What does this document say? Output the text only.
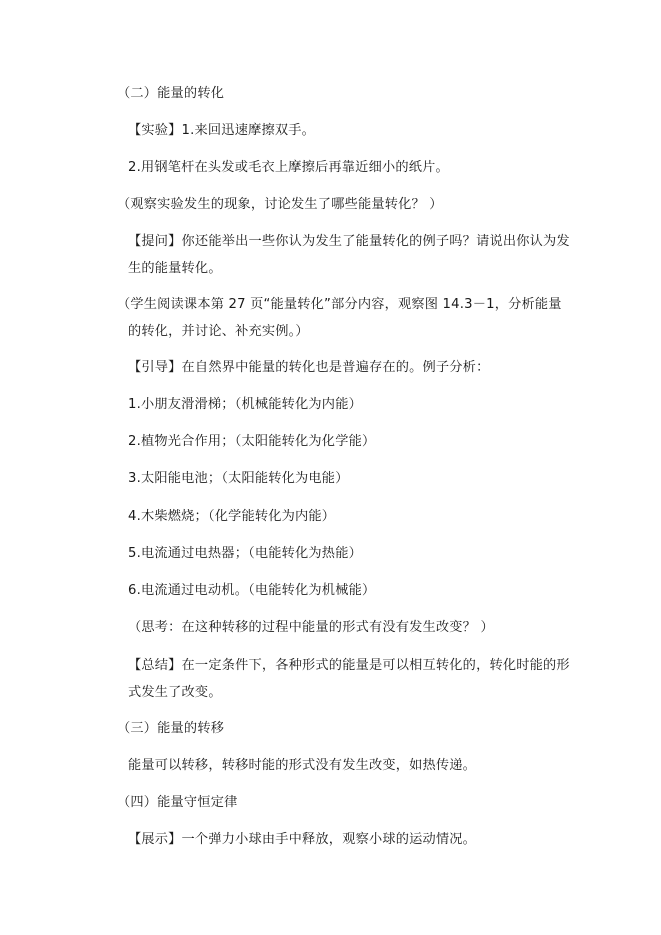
（二）能量的转化
【实验】1.来回迅速摩擦双手。
2.用钢笔杆在头发或毛衣上摩擦后再靠近细小的纸片。
（观察实验发生的现象，讨论发生了哪些能量转化？ ）
【提问】你还能举出一些你认为发生了能量转化的例子吗？请说出你认为发
生的能量转化。
（学生阅读课本第 27 页“能量转化”部分内容，观察图 14.3－1，分析能量
的转化，并讨论、补充实例。）
【引导】在自然界中能量的转化也是普遍存在的。例子分析：
1.小朋友滑滑梯；（机械能转化为内能）
2.植物光合作用；（太阳能转化为化学能）
3.太阳能电池；（太阳能转化为电能）
4.木柴燃烧；（化学能转化为内能）
5.电流通过电热器；（电能转化为热能）
6.电流通过电动机。（电能转化为机械能）
（思考：在这种转移的过程中能量的形式有没有发生改变？ ）
【总结】在一定条件下，各种形式的能量是可以相互转化的，转化时能的形
式发生了改变。
（三）能量的转移
能量可以转移，转移时能的形式没有发生改变，如热传递。
（四）能量守恒定律
【展示】一个弹力小球由手中释放，观察小球的运动情况。
